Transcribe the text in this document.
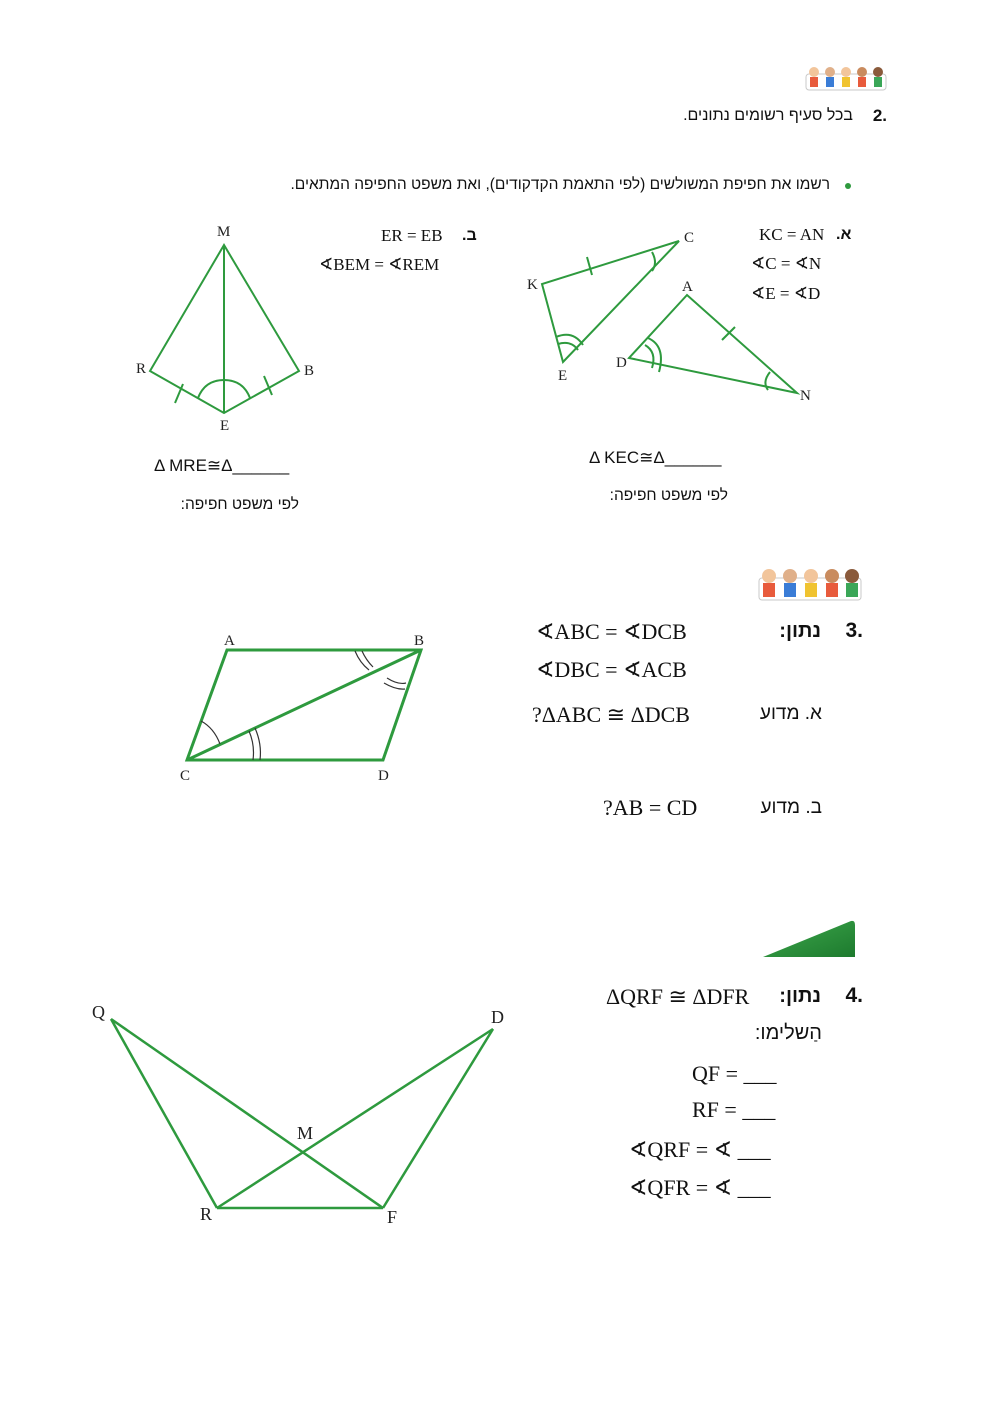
2.
בכל סעיף רשומים נתונים.
רשמו את חפיפת המשולשים (לפי התאמת הקדקודים), ואת משפט החפיפה המתאים.
א.
KC = AN
∢C = ∢N
∢E = ∢D
ב.
ER = EB
∢BEM = ∢REM
C
K
E
A
D
N
M
R	B
E
Δ KEC≅Δ______
לפי משפט חפיפה:
Δ MRE≅Δ______
לפי משפט חפיפה:
3.
נתון:
∢ABC = ∢DCB
∢DBC = ∢ACB
א. מדוע
?ΔABC ≅ ΔDCB
ב. מדוע
?AB = CD
A	B
C	D
4.
נתון:
ΔQRF ≅ ΔDFR
הַשלימו:
QF = ___
RF = ___
∢QRF = ∢ ___
∢QFR = ∢ ___
Q	D
M
R	F
